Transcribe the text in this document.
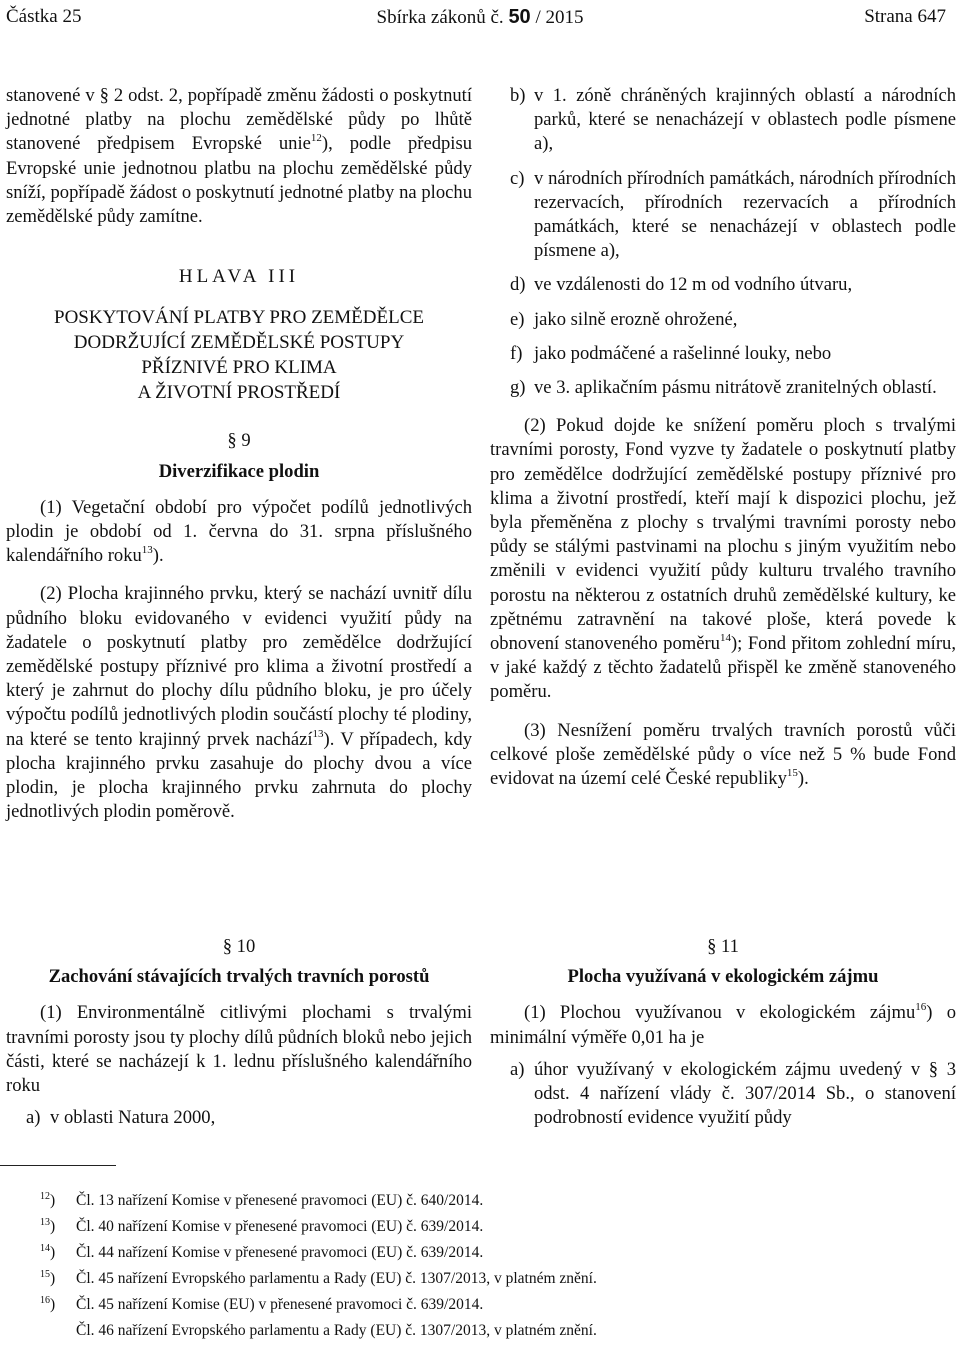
Částka 25	Sbírka zákonů č. 50 / 2015	Strana 647

stanovené v § 2 odst. 2, popřípadě změnu žádosti o poskytnutí jednotné platby na plochu zemědělské půdy po lhůtě stanovené předpisem Evropské unie$^{12}$), podle předpisu Evropské unie jednotnou platbu na plochu zemědělské půdy sníží, popřípadě žádost o poskytnutí jednotné platby na plochu zemědělské půdy zamítne.

HLAVA III
POSKYTOVÁNÍ PLATBY PRO ZEMĚDĚLCE
DODRŽUJÍCÍ ZEMĚDĚLSKÉ POSTUPY
PŘÍZNIVÉ PRO KLIMA
A ŽIVOTNÍ PROSTŘEDÍ
§ 9
Diverzifikace plodin

(1) Vegetační období pro výpočet podílů jednotlivých plodin je období od 1. června do 31. srpna příslušného kalendářního roku$^{13}$).

(2) Plocha krajinného prvku, který se nachází uvnitř dílu půdního bloku evidovaného v evidenci využití půdy na žadatele o poskytnutí platby pro zemědělce dodržující zemědělské postupy příznivé pro klima a životní prostředí a který je zahrnut do plochy dílu půdního bloku, je pro účely výpočtu podílů jednotlivých plodin součástí plochy té plodiny, na které se tento krajinný prvek nachází$^{13}$). V případech, kdy plocha krajinného prvku zasahuje do plochy dvou a více plodin, je plocha krajinného prvku zahrnuta do plochy jednotlivých plodin poměrově.

b) v 1. zóně chráněných krajinných oblastí a národních parků, které se nenacházejí v oblastech podle písmene a),
c) v národních přírodních památkách, národních přírodních rezervacích, přírodních rezervacích a přírodních památkách, které se nenacházejí v oblastech podle písmene a),
d) ve vzdálenosti do 12 m od vodního útvaru,
e) jako silně erozně ohrožené,
f) jako podmáčené a rašelinné louky, nebo
g) ve 3. aplikačním pásmu nitrátově zranitelných oblastí.

(2) Pokud dojde ke snížení poměru ploch s trvalými travními porosty, Fond vyzve ty žadatele o poskytnutí platby pro zemědělce dodržující zemědělské postupy příznivé pro klima a životní prostředí, kteří mají k dispozici plochu, jež byla přeměněna z plochy s trvalými travními porosty nebo půdy se stálými pastvinami na plochu s jiným využitím nebo změnili v evidenci využití půdy kulturu trvalého travního porostu na některou z ostatních druhů zemědělské kultury, ke zpětnému zatravnění na takové ploše, která povede k obnovení stanoveného poměru$^{14}$); Fond přitom zohlední míru, v jaké každý z těchto žadatelů přispěl ke změně stanoveného poměru.

(3) Nesnížení poměru trvalých travních porostů vůči celkové ploše zemědělské půdy o více než 5 % bude Fond evidovat na území celé České republiky$^{15}$).

§ 10
Zachování stávajících trvalých travních porostů

(1) Environmentálně citlivými plochami s trvalými travními porosty jsou ty plochy dílů půdních bloků nebo jejich části, které se nacházejí k 1. lednu příslušného kalendářního roku

a) v oblasti Natura 2000,
§ 11
Plocha využívaná v ekologickém zájmu

(1) Plochou využívanou v ekologickém zájmu$^{16}$) o minimální výměře 0,01 ha je

a) úhor využívaný v ekologickém zájmu uvedený v § 3 odst. 4 nařízení vlády č. 307/2014 Sb., o stanovení podrobností evidence využití půdy
$^{12}$)	Čl. 13 nařízení Komise v přenesené pravomoci (EU) č. 640/2014.
$^{13}$)	Čl. 40 nařízení Komise v přenesené pravomoci (EU) č. 639/2014.
$^{14}$)	Čl. 44 nařízení Komise v přenesené pravomoci (EU) č. 639/2014.
$^{15}$)	Čl. 45 nařízení Evropského parlamentu a Rady (EU) č. 1307/2013, v platném znění.
$^{16}$)	Čl. 45 nařízení Komise (EU) v přenesené pravomoci č. 639/2014.
Čl. 46 nařízení Evropského parlamentu a Rady (EU) č. 1307/2013, v platném znění.
